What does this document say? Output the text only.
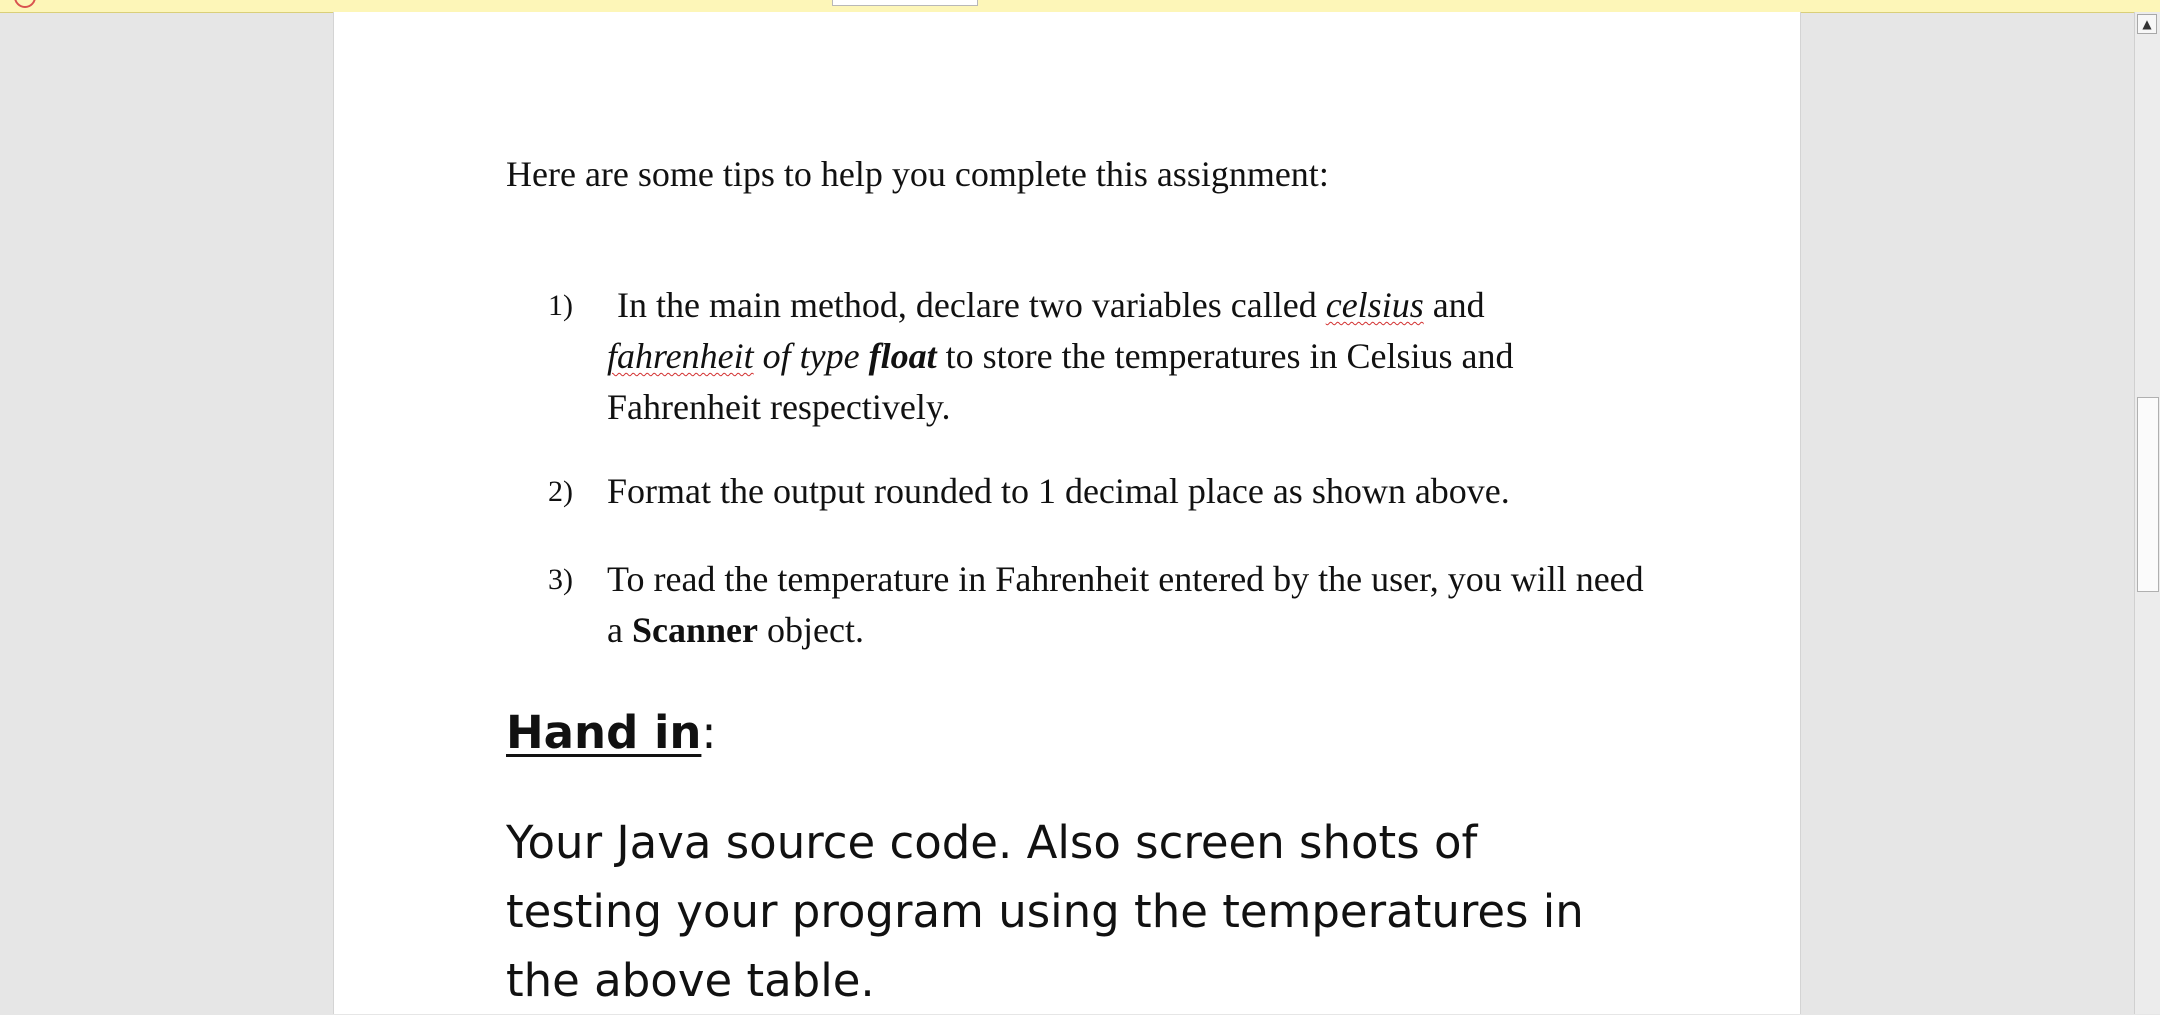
Here are some tips to help you complete this assignment:
1)	In the main method, declare two variables called celsius and
fahrenheit of type float to store the temperatures in Celsius and Fahrenheit respectively.
2) Format the output rounded to 1 decimal place as shown above.
3) To read the temperature in Fahrenheit entered by the user, you will need a Scanner object.
Hand in:
Your Java source code. Also screen shots of testing your program using the temperatures in the above table.
▲
